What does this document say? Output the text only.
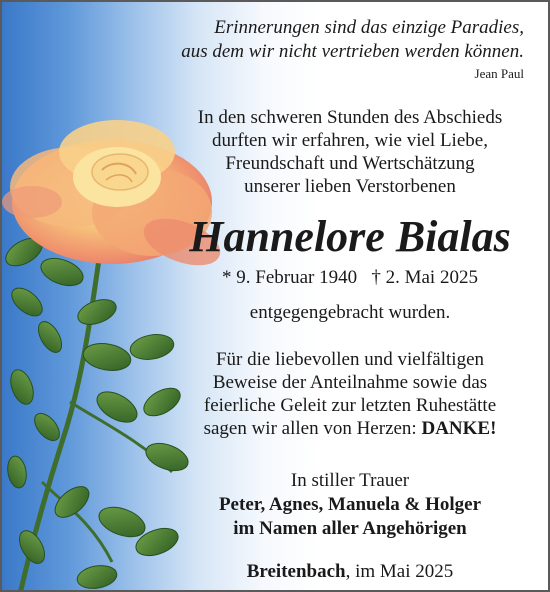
Erinnerungen sind das einzige Paradies,
aus dem wir nicht vertrieben werden können.
Jean Paul
In den schweren Stunden des Abschieds
durften wir erfahren, wie viel Liebe,
Freundschaft und Wertschätzung
unserer lieben Verstorbenen
Hannelore Bialas
* 9. Februar 1940 † 2. Mai 2025
entgegengebracht wurden.
Für die liebevollen und vielfältigen
Beweise der Anteilnahme sowie das
feierliche Geleit zur letzten Ruhestätte
sagen wir allen von Herzen: DANKE!
In stiller Trauer
Peter, Agnes, Manuela & Holger
im Namen aller Angehörigen
Breitenbach, im Mai 2025
